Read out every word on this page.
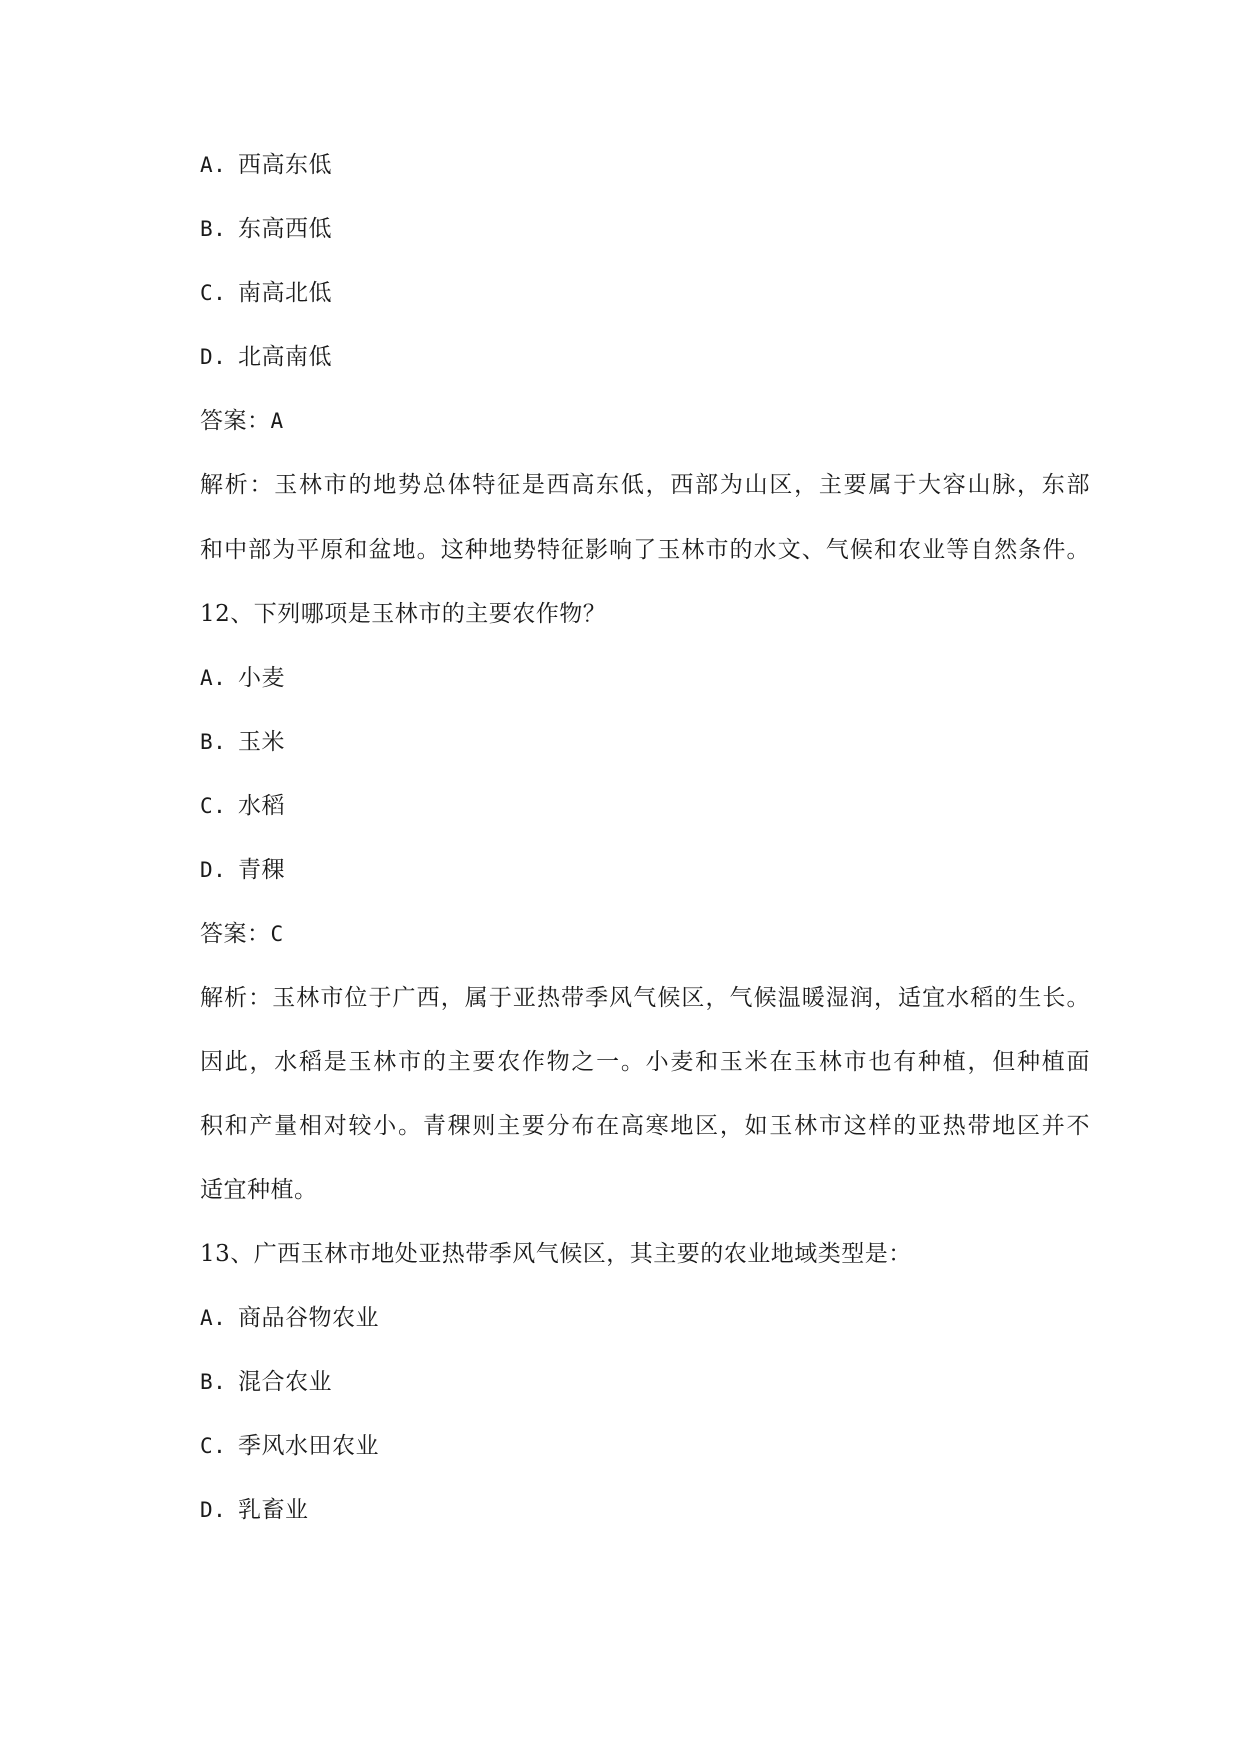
A. 西高东低
B. 东高西低
C. 南高北低
D. 北高南低
答案：A
解析：玉林市的地势总体特征是西高东低，西部为山区，主要属于大容山脉，东部
和中部为平原和盆地。这种地势特征影响了玉林市的水文、气候和农业等自然条件。
12、下列哪项是玉林市的主要农作物？
A. 小麦
B. 玉米
C. 水稻
D. 青稞
答案：C
解析：玉林市位于广西，属于亚热带季风气候区，气候温暖湿润，适宜水稻的生长。
因此，水稻是玉林市的主要农作物之一。小麦和玉米在玉林市也有种植，但种植面
积和产量相对较小。青稞则主要分布在高寒地区，如玉林市这样的亚热带地区并不
适宜种植。
13、广西玉林市地处亚热带季风气候区，其主要的农业地域类型是：
A. 商品谷物农业
B. 混合农业
C. 季风水田农业
D. 乳畜业
